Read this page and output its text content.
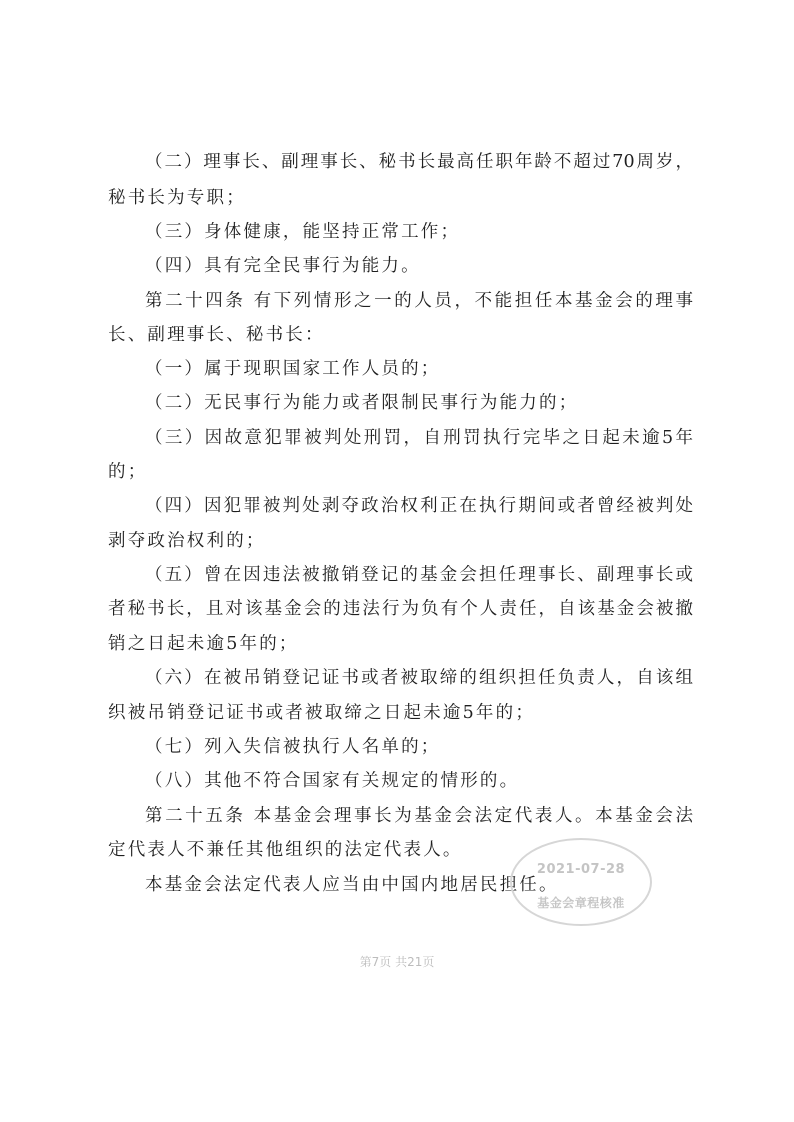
（二）理事长、副理事长、秘书长最高任职年龄不超过70周岁，
秘书长为专职；
（三）身体健康，能坚持正常工作；
（四）具有完全民事行为能力。
第二十四条 有下列情形之一的人员，不能担任本基金会的理事
长、副理事长、秘书长：
（一）属于现职国家工作人员的；
（二）无民事行为能力或者限制民事行为能力的；
（三）因故意犯罪被判处刑罚，自刑罚执行完毕之日起未逾5年
的；
（四）因犯罪被判处剥夺政治权利正在执行期间或者曾经被判处
剥夺政治权利的；
（五）曾在因违法被撤销登记的基金会担任理事长、副理事长或
者秘书长，且对该基金会的违法行为负有个人责任，自该基金会被撤
销之日起未逾5年的；
（六）在被吊销登记证书或者被取缔的组织担任负责人，自该组
织被吊销登记证书或者被取缔之日起未逾5年的；
（七）列入失信被执行人名单的；
（八）其他不符合国家有关规定的情形的。
第二十五条 本基金会理事长为基金会法定代表人。本基金会法
定代表人不兼任其他组织的法定代表人。
本基金会法定代表人应当由中国内地居民担任。
2021-07-28
基金会章程核准
第7页 共21页
